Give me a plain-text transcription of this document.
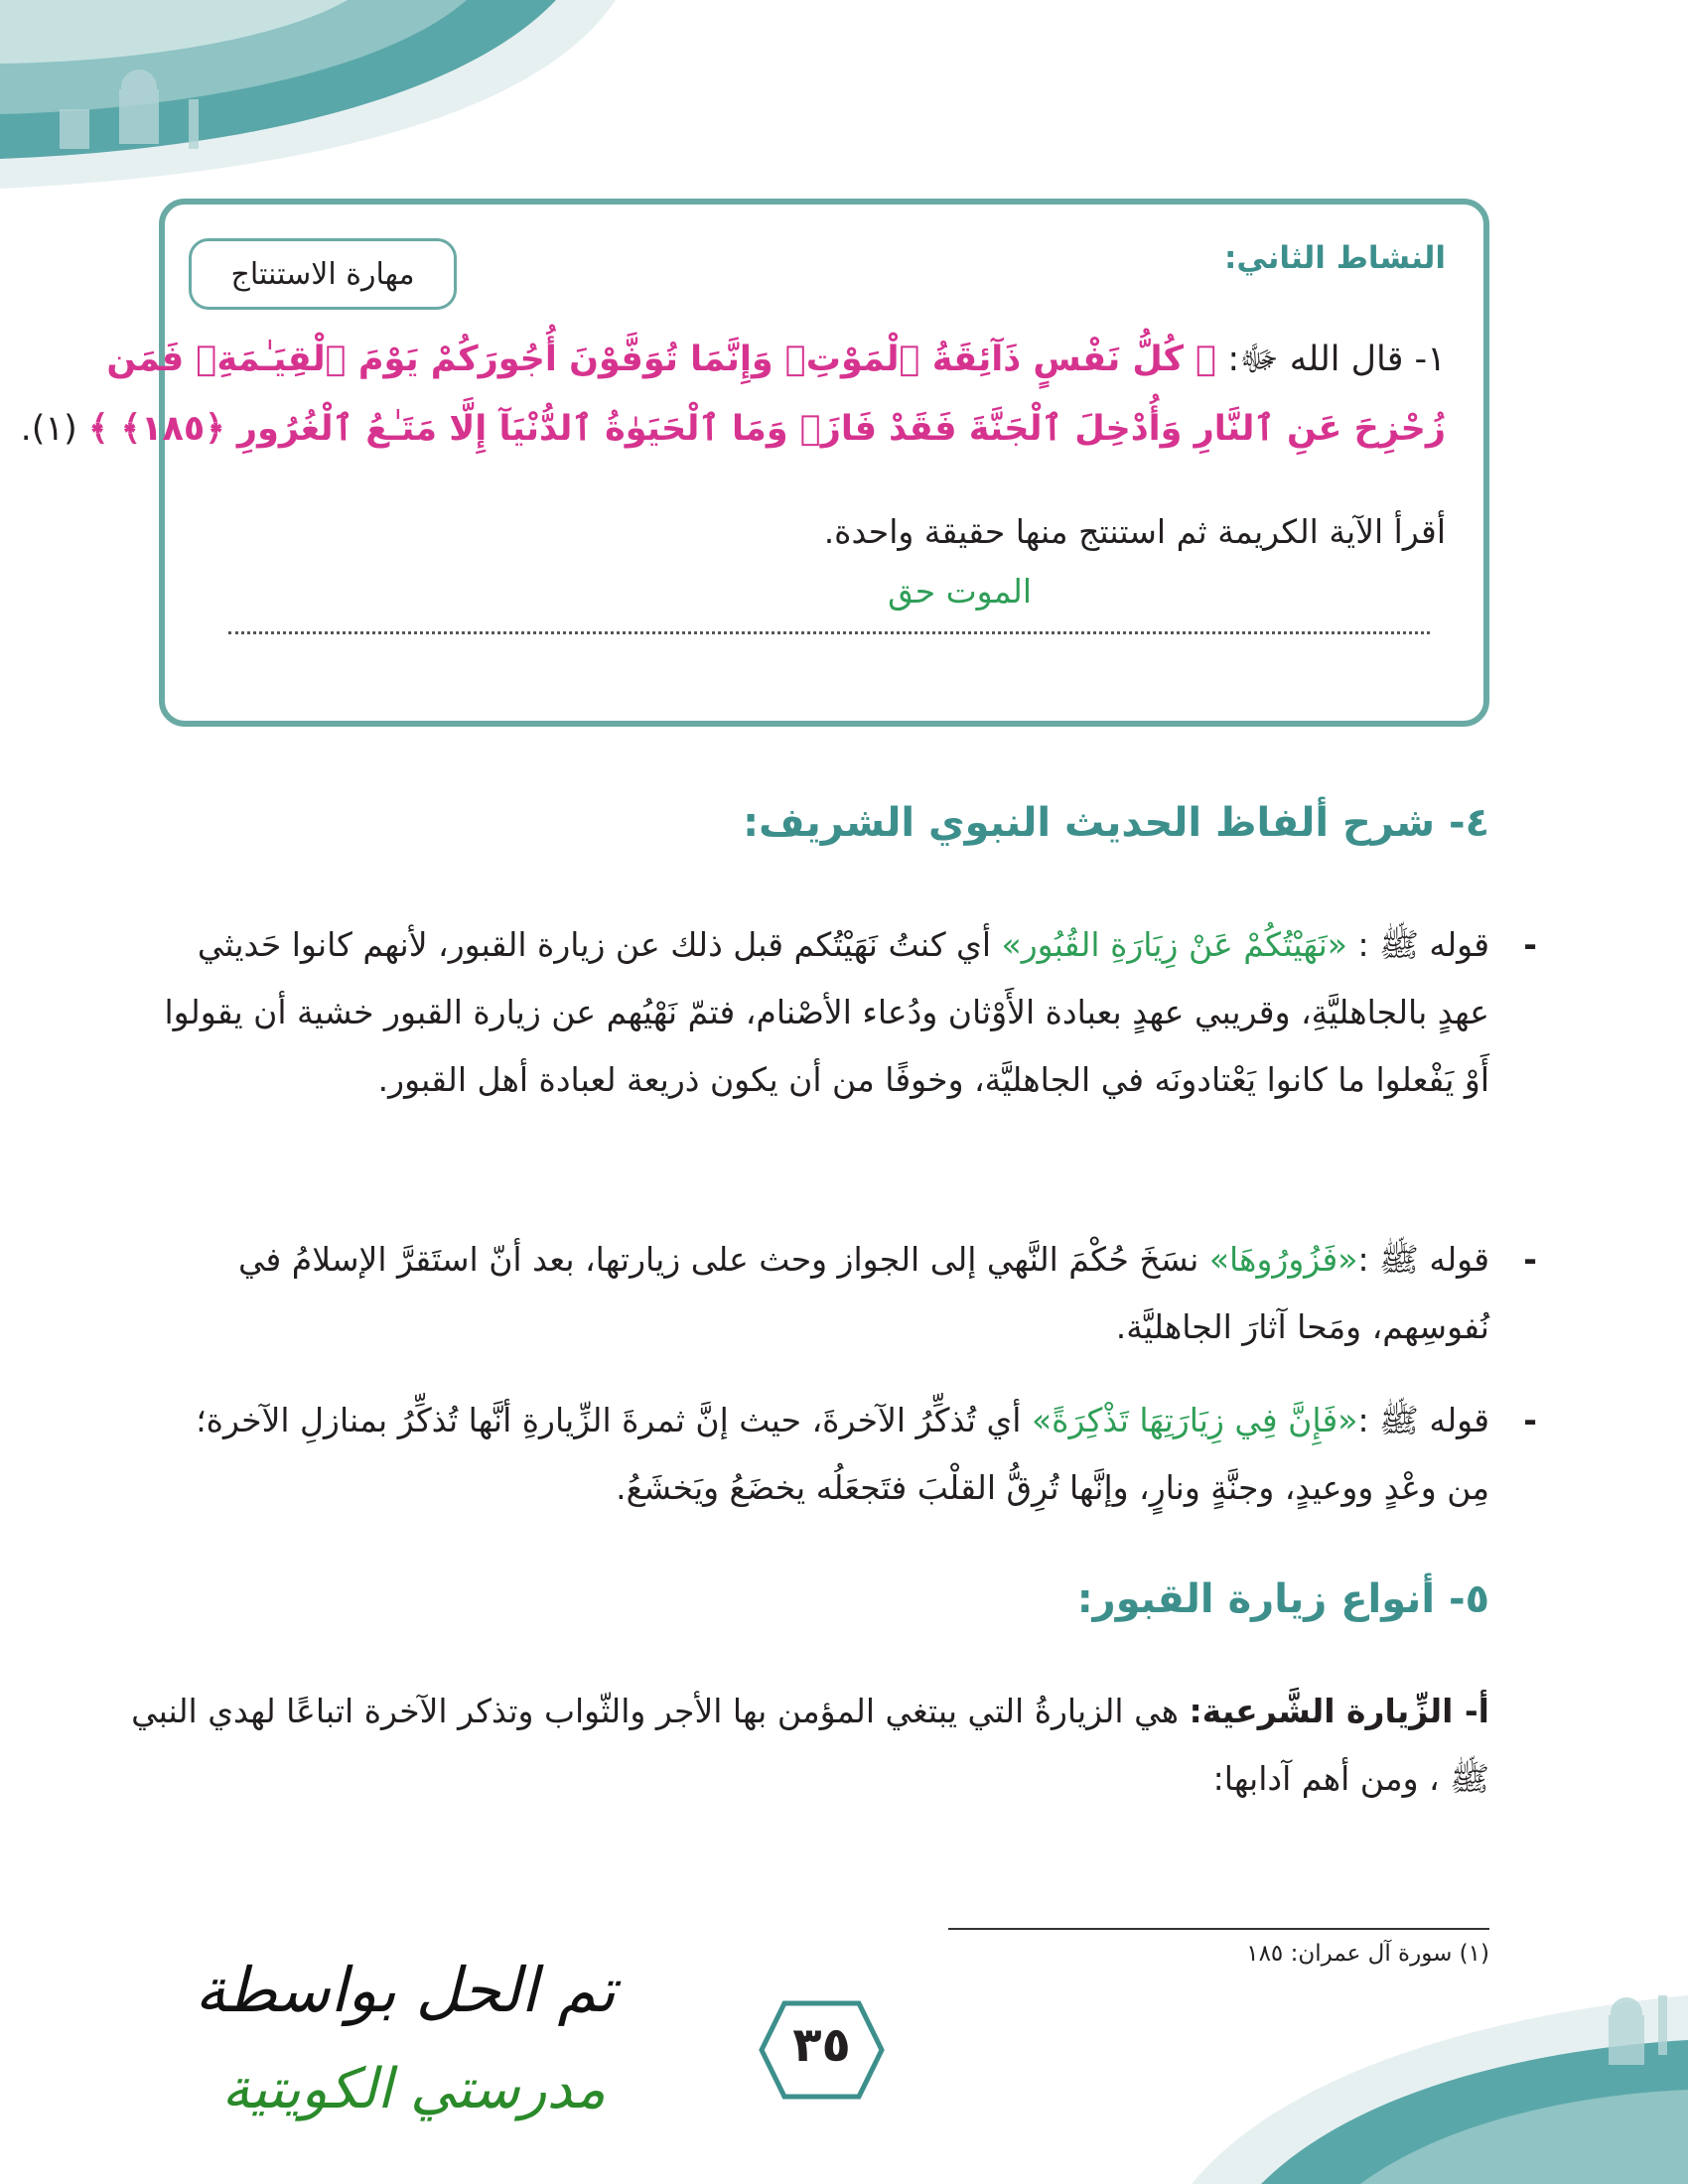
النشاط الثاني:
مهارة الاستنتاج
١- قال الله ﷻ: ﴿ كُلُّ نَفْسٍ ذَآئِقَةُ ٱلْمَوْتِۗ وَإِنَّمَا تُوَفَّوْنَ أُجُورَكُمْ يَوْمَ ٱلْقِيَـٰمَةِۖ فَمَن
زُحْزِحَ عَنِ ٱلنَّارِ وَأُدْخِلَ ٱلْجَنَّةَ فَقَدْ فَازَۗ وَمَا ٱلْحَيَوٰةُ ٱلدُّنْيَآ إِلَّا مَتَـٰعُ ٱلْغُرُورِ ﴿١٨٥﴾ ﴾ (١).
أقرأ الآية الكريمة ثم استنتج منها حقيقة واحدة.
الموت حق
٤- شرح ألفاظ الحديث النبوي الشريف:
- قوله ﷺ : «نَهَيْتُكُمْ عَنْ زِيَارَةِ القُبُور» أي كنتُ نَهَيْتُكم قبل ذلك عن زيارة القبور، لأنهم كانوا حَديثي عهدٍ بالجاهليَّةِ، وقريبي عهدٍ بعبادة الأَوْثان ودُعاء الأصْنام، فتمّ نَهْيُهم عن زيارة القبور خشية أن يقولوا أَوْ يَفْعلوا ما كانوا يَعْتادونَه في الجاهليَّة، وخوفًا من أن يكون ذريعة لعبادة أهل القبور.
- قوله ﷺ :«فَزُورُوهَا» نسَخَ حُكْمَ النَّهي إلى الجواز وحث على زيارتها، بعد أنّ استَقرَّ الإسلامُ في نُفوسِهم، ومَحا آثارَ الجاهليَّة.
- قوله ﷺ :«فَإِنَّ فِي زِيَارَتِهَا تَذْكِرَةً» أي تُذكِّرُ الآخرةَ، حيث إنَّ ثمرةَ الزِّيارةِ أنَّها تُذكِّرُ بمنازلِ الآخرة؛ مِن وعْدٍ ووعيدٍ، وجنَّةٍ ونارٍ، وإنَّها تُرِقُّ القلْبَ فتَجعَلُه يخضَعُ ويَخشَعُ.
٥- أنواع زيارة القبور:
أ- الزِّيارة الشَّرعية: هي الزيارةُ التي يبتغي المؤمن بها الأجر والثّواب وتذكر الآخرة اتباعًا لهدي النبي ﷺ ، ومن أهم آدابها:
(١) سورة آل عمران: ١٨٥
٣٥
تم الحل بواسطة
مدرستي الكويتية
